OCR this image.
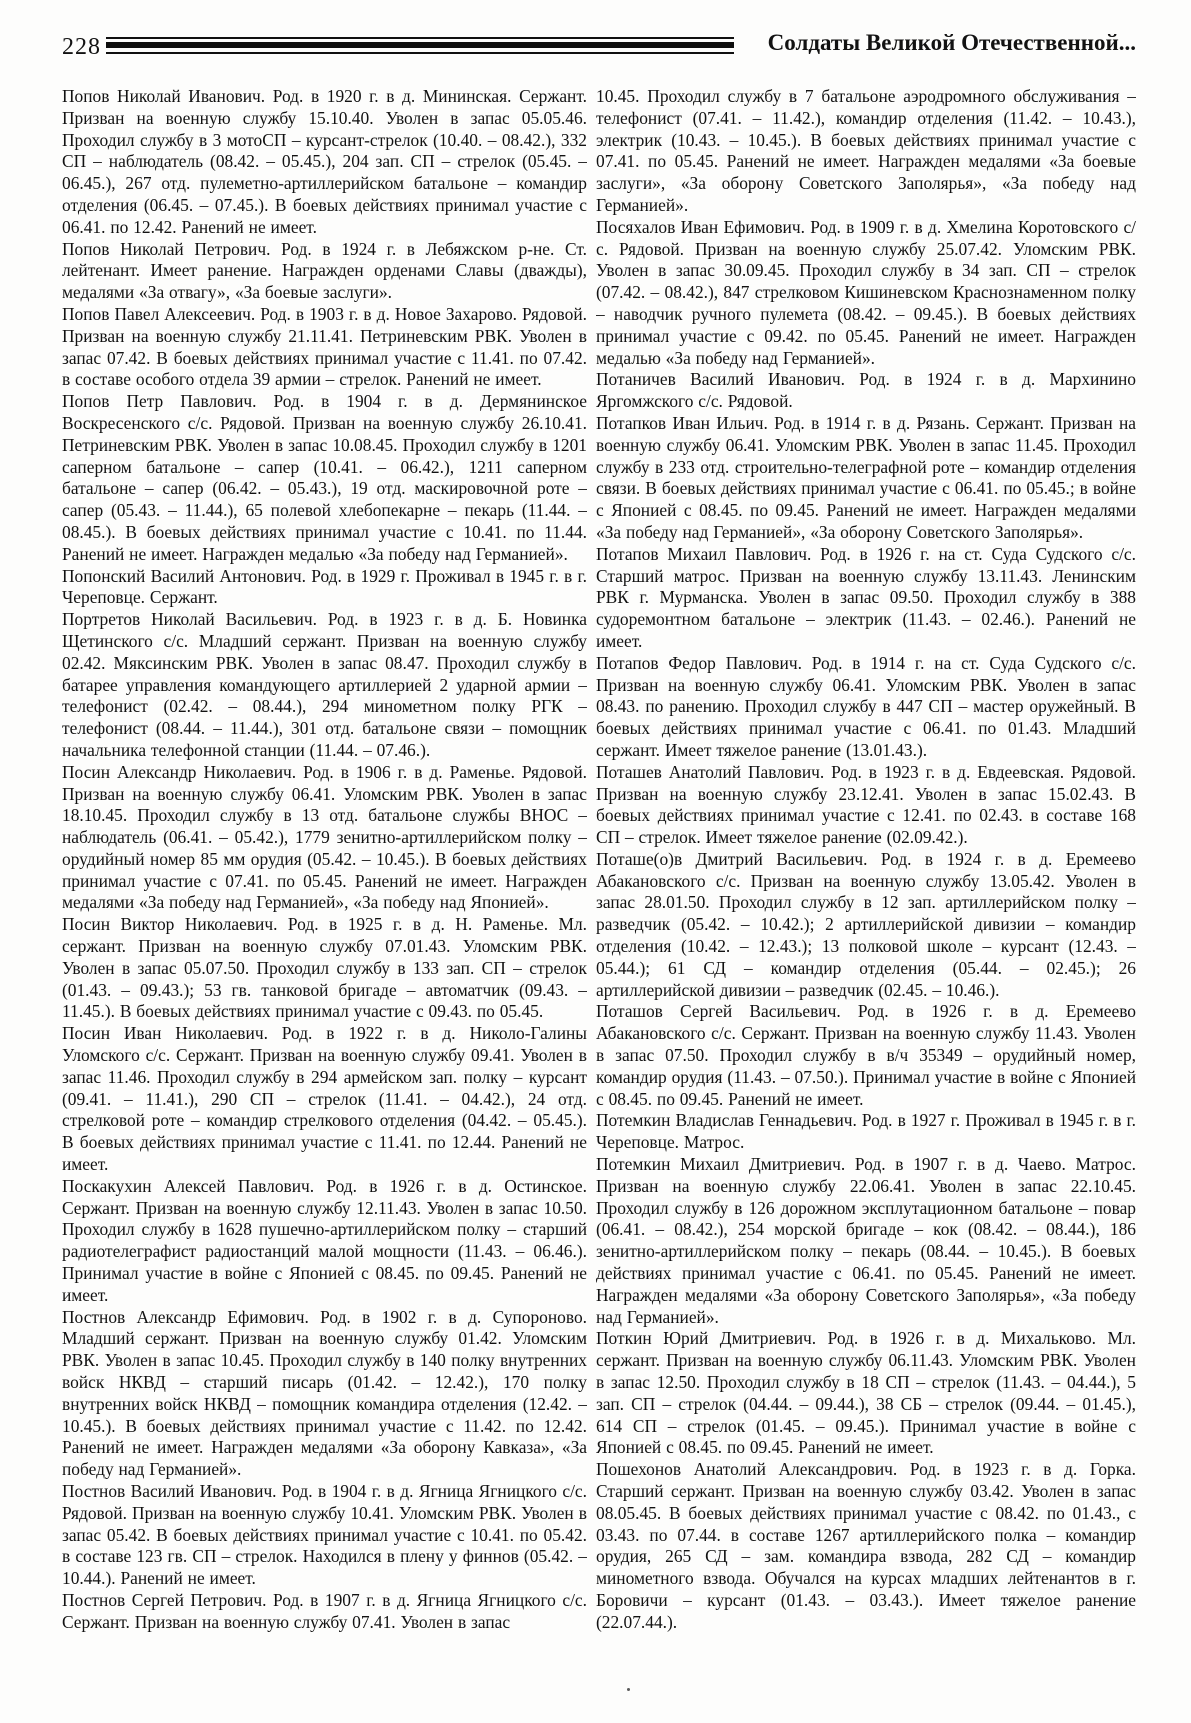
228	Солдаты Великой Отечественной...

Попов Николай Иванович. Род. в 1920 г. в д. Мининская. Сержант. Призван на военную службу 15.10.40. Уволен в запас 05.05.46. Проходил службу в 3 мотоСП – курсант-стрелок (10.40. – 08.42.), 332 СП – наблюдатель (08.42. – 05.45.), 204 зап. СП – стрелок (05.45. – 06.45.), 267 отд. пулеметно-артиллерийском батальоне – командир отделения (06.45. – 07.45.). В боевых действиях принимал участие с 06.41. по 12.42. Ранений не имеет.

Попов Николай Петрович. Род. в 1924 г. в Лебяжском р-не. Ст. лейтенант. Имеет ранение. Награжден орденами Славы (дважды), медалями «За отвагу», «За боевые заслуги».

Попов Павел Алексеевич. Род. в 1903 г. в д. Новое Захарово. Рядовой. Призван на военную службу 21.11.41. Петриневским РВК. Уволен в запас 07.42. В боевых действиях принимал участие с 11.41. по 07.42. в составе особого отдела 39 армии – стрелок. Ранений не имеет.

Попов Петр Павлович. Род. в 1904 г. в д. Дермянинское Воскресенского с/с. Рядовой. Призван на военную службу 26.10.41. Петриневским РВК. Уволен в запас 10.08.45. Проходил службу в 1201 саперном батальоне – сапер (10.41. – 06.42.), 1211 саперном батальоне – сапер (06.42. – 05.43.), 19 отд. маскировочной роте – сапер (05.43. – 11.44.), 65 полевой хлебопекарне – пекарь (11.44. – 08.45.). В боевых действиях принимал участие с 10.41. по 11.44. Ранений не имеет. Награжден медалью «За победу над Германией».

Попонский Василий Антонович. Род. в 1929 г. Проживал в 1945 г. в г. Череповце. Сержант.

Портретов Николай Васильевич. Род. в 1923 г. в д. Б. Новинка Щетинского с/с. Младший сержант. Призван на военную службу 02.42. Мяксинским РВК. Уволен в запас 08.47. Проходил службу в батарее управления командующего артиллерией 2 ударной армии – телефонист (02.42. – 08.44.), 294 минометном полку РГК – телефонист (08.44. – 11.44.), 301 отд. батальоне связи – помощник начальника телефонной станции (11.44. – 07.46.).

Посин Александр Николаевич. Род. в 1906 г. в д. Раменье. Рядовой. Призван на военную службу 06.41. Уломским РВК. Уволен в запас 18.10.45. Проходил службу в 13 отд. батальоне службы ВНОС – наблюдатель (06.41. – 05.42.), 1779 зенитно-артиллерийском полку – орудийный номер 85 мм орудия (05.42. – 10.45.). В боевых действиях принимал участие с 07.41. по 05.45. Ранений не имеет. Награжден медалями «За победу над Германией», «За победу над Японией».

Посин Виктор Николаевич. Род. в 1925 г. в д. Н. Раменье. Мл. сержант. Призван на военную службу 07.01.43. Уломским РВК. Уволен в запас 05.07.50. Проходил службу в 133 зап. СП – стрелок (01.43. – 09.43.); 53 гв. танковой бригаде – автоматчик (09.43. – 11.45.). В боевых действиях принимал участие с 09.43. по 05.45.

Посин Иван Николаевич. Род. в 1922 г. в д. Николо-Галины Уломского с/с. Сержант. Призван на военную службу 09.41. Уволен в запас 11.46. Проходил службу в 294 армейском зап. полку – курсант (09.41. – 11.41.), 290 СП – стрелок (11.41. – 04.42.), 24 отд. стрелковой роте – командир стрелкового отделения (04.42. – 05.45.). В боевых действиях принимал участие с 11.41. по 12.44. Ранений не имеет.

Поскакухин Алексей Павлович. Род. в 1926 г. в д. Остинское. Сержант. Призван на военную службу 12.11.43. Уволен в запас 10.50. Проходил службу в 1628 пушечно-артиллерийском полку – старший радиотелеграфист радиостанций малой мощности (11.43. – 06.46.). Принимал участие в войне с Японией с 08.45. по 09.45. Ранений не имеет.

Постнов Александр Ефимович. Род. в 1902 г. в д. Супороново. Младший сержант. Призван на военную службу 01.42. Уломским РВК. Уволен в запас 10.45. Проходил службу в 140 полку внутренних войск НКВД – старший писарь (01.42. – 12.42.), 170 полку внутренних войск НКВД – помощник командира отделения (12.42. – 10.45.). В боевых действиях принимал участие с 11.42. по 12.42. Ранений не имеет. Награжден медалями «За оборону Кавказа», «За победу над Германией».

Постнов Василий Иванович. Род. в 1904 г. в д. Ягница Ягницкого с/с. Рядовой. Призван на военную службу 10.41. Уломским РВК. Уволен в запас 05.42. В боевых действиях принимал участие с 10.41. по 05.42. в составе 123 гв. СП – стрелок. Находился в плену у финнов (05.42. – 10.44.). Ранений не имеет.

Постнов Сергей Петрович. Род. в 1907 г. в д. Ягница Ягницкого с/с. Сержант. Призван на военную службу 07.41. Уволен в запас

10.45. Проходил службу в 7 батальоне аэродромного обслуживания – телефонист (07.41. – 11.42.), командир отделения (11.42. – 10.43.), электрик (10.43. – 10.45.). В боевых действиях принимал участие с 07.41. по 05.45. Ранений не имеет. Награжден медалями «За боевые заслуги», «За оборону Советского Заполярья», «За победу над Германией».

Посяхалов Иван Ефимович. Род. в 1909 г. в д. Хмелина Коротовского с/с. Рядовой. Призван на военную службу 25.07.42. Уломским РВК. Уволен в запас 30.09.45. Проходил службу в 34 зап. СП – стрелок (07.42. – 08.42.), 847 стрелковом Кишиневском Краснознаменном полку – наводчик ручного пулемета (08.42. – 09.45.). В боевых действиях принимал участие с 09.42. по 05.45. Ранений не имеет. Награжден медалью «За победу над Германией».

Потаничев Василий Иванович. Род. в 1924 г. в д. Мархинино Яргомжского с/с. Рядовой.

Потапков Иван Ильич. Род. в 1914 г. в д. Рязань. Сержант. Призван на военную службу 06.41. Уломским РВК. Уволен в запас 11.45. Проходил службу в 233 отд. строительно-телеграфной роте – командир отделения связи. В боевых действиях принимал участие с 06.41. по 05.45.; в войне с Японией с 08.45. по 09.45. Ранений не имеет. Награжден медалями «За победу над Германией», «За оборону Советского Заполярья».

Потапов Михаил Павлович. Род. в 1926 г. на ст. Суда Судского с/с. Старший матрос. Призван на военную службу 13.11.43. Ленинским РВК г. Мурманска. Уволен в запас 09.50. Проходил службу в 388 судоремонтном батальоне – электрик (11.43. – 02.46.). Ранений не имеет.

Потапов Федор Павлович. Род. в 1914 г. на ст. Суда Судского с/с. Призван на военную службу 06.41. Уломским РВК. Уволен в запас 08.43. по ранению. Проходил службу в 447 СП – мастер оружейный. В боевых действиях принимал участие с 06.41. по 01.43. Младший сержант. Имеет тяжелое ранение (13.01.43.).

Поташев Анатолий Павлович. Род. в 1923 г. в д. Евдеевская. Рядовой. Призван на военную службу 23.12.41. Уволен в запас 15.02.43. В боевых действиях принимал участие с 12.41. по 02.43. в составе 168 СП – стрелок. Имеет тяжелое ранение (02.09.42.).

Поташе(о)в Дмитрий Васильевич. Род. в 1924 г. в д. Еремеево Абакановского с/с. Призван на военную службу 13.05.42. Уволен в запас 28.01.50. Проходил службу в 12 зап. артиллерийском полку – разведчик (05.42. – 10.42.); 2 артиллерийской дивизии – командир отделения (10.42. – 12.43.); 13 полковой школе – курсант (12.43. – 05.44.); 61 СД – командир отделения (05.44. – 02.45.); 26 артиллерийской дивизии – разведчик (02.45. – 10.46.).

Поташов Сергей Васильевич. Род. в 1926 г. в д. Еремеево Абакановского с/с. Сержант. Призван на военную службу 11.43. Уволен в запас 07.50. Проходил службу в в/ч 35349 – орудийный номер, командир орудия (11.43. – 07.50.). Принимал участие в войне с Японией с 08.45. по 09.45. Ранений не имеет.

Потемкин Владислав Геннадьевич. Род. в 1927 г. Проживал в 1945 г. в г. Череповце. Матрос.

Потемкин Михаил Дмитриевич. Род. в 1907 г. в д. Чаево. Матрос. Призван на военную службу 22.06.41. Уволен в запас 22.10.45. Проходил службу в 126 дорожном эксплутационном батальоне – повар (06.41. – 08.42.), 254 морской бригаде – кок (08.42. – 08.44.), 186 зенитно-артиллерийском полку – пекарь (08.44. – 10.45.). В боевых действиях принимал участие с 06.41. по 05.45. Ранений не имеет. Награжден медалями «За оборону Советского Заполярья», «За победу над Германией».

Поткин Юрий Дмитриевич. Род. в 1926 г. в д. Михальково. Мл. сержант. Призван на военную службу 06.11.43. Уломским РВК. Уволен в запас 12.50. Проходил службу в 18 СП – стрелок (11.43. – 04.44.), 5 зап. СП – стрелок (04.44. – 09.44.), 38 СБ – стрелок (09.44. – 01.45.), 614 СП – стрелок (01.45. – 09.45.). Принимал участие в войне с Японией с 08.45. по 09.45. Ранений не имеет.

Пошехонов Анатолий Александрович. Род. в 1923 г. в д. Горка. Старший сержант. Призван на военную службу 03.42. Уволен в запас 08.05.45. В боевых действиях принимал участие с 08.42. по 01.43., с 03.43. по 07.44. в составе 1267 артиллерийского полка – командир орудия, 265 СД – зам. командира взвода, 282 СД – командир минометного взвода. Обучался на курсах младших лейтенантов в г. Боровичи – курсант (01.43. – 03.43.). Имеет тяжелое ранение (22.07.44.).
